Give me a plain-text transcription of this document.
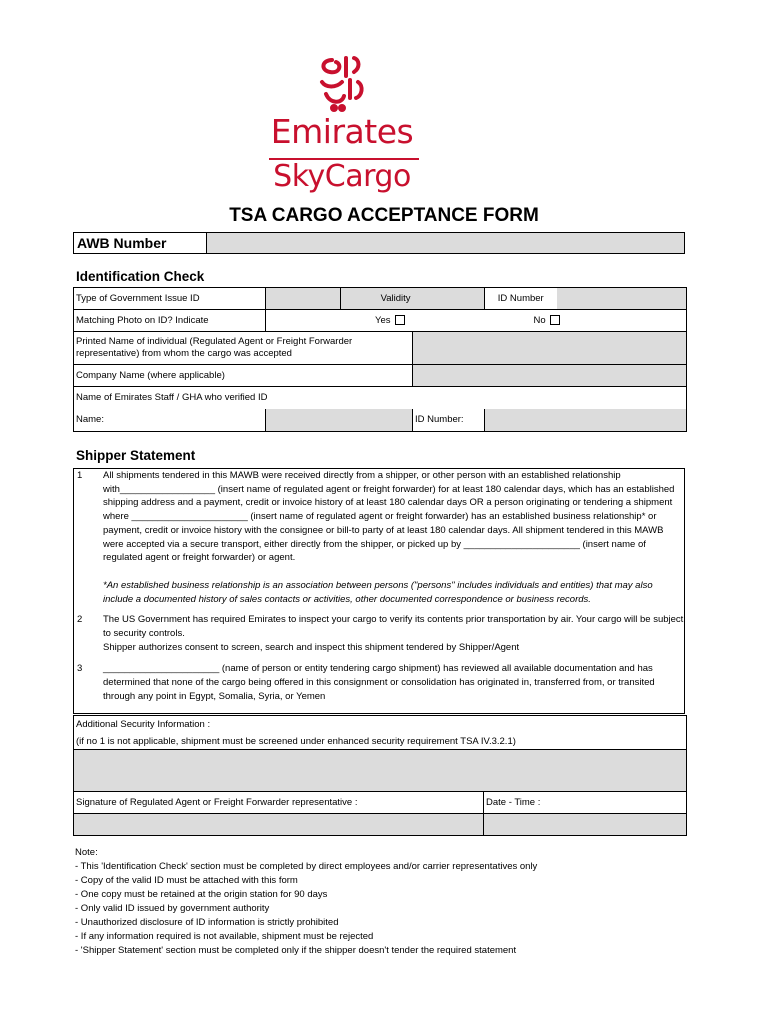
Emirates
SkyCargo
TSA CARGO ACCEPTANCE FORM
AWB Number
Identification Check
Type of Government Issue ID		Validity		ID Number	
Matching Photo on ID? Indicate	Yes		No		
Printed Name of individual (Regulated Agent or Freight Forwarder representative) from whom the cargo was accepted					
Company Name (where applicable)					
Name of Emirates Staff / GHA who verified ID					
Name:			ID Number:		
Shipper Statement
1 All shipments tendered in this MAWB were received directly from a shipper, or other person with an established relationship with__________________ (insert name of regulated agent or freight forwarder) for at least 180 calendar days, which has an established shipping address and a payment, credit or invoice history of at least 180 calendar days OR a person originating or tendering a shipment where ______________________ (insert name of regulated agent or freight forwarder) has an established business relationship* or payment, credit or invoice history with the consignee or bill-to party of at least 180 calendar days. All shipment tendered in this MAWB were accepted via a secure transport, either directly from the shipper, or picked up by ______________________ (insert name of regulated agent or freight forwarder) or agent.
*An established business relationship is an association between persons ("persons" includes individuals and entities) that may also include a documented history of sales contacts or activities, other documented correspondence or business records.
2 The US Government has required Emirates to inspect your cargo to verify its contents prior transportation by air. Your cargo will be subject to security controls.
Shipper authorizes consent to screen, search and inspect this shipment tendered by Shipper/Agent
3 ______________________ (name of person or entity tendering cargo shipment) has reviewed all available documentation and has determined that none of the cargo being offered in this consignment or consolidation has originated in, transferred from, or transited through any point in Egypt, Somalia, Syria, or Yemen
Additional Security Information :	
(if no 1 is not applicable, shipment must be screened under enhanced security requirement TSA IV.3.2.1)	

Signature of Regulated Agent or Freight Forwarder representative :	Date - Time :

Note:
- This 'Identification Check' section must be completed by direct employees and/or carrier representatives only
- Copy of the valid ID must be attached with this form
- One copy must be retained at the origin station for 90 days
- Only valid ID issued by government authority
- Unauthorized disclosure of ID information is strictly prohibited
- If any information required is not available, shipment must be rejected
- 'Shipper Statement' section must be completed only if the shipper doesn't tender the required statement
